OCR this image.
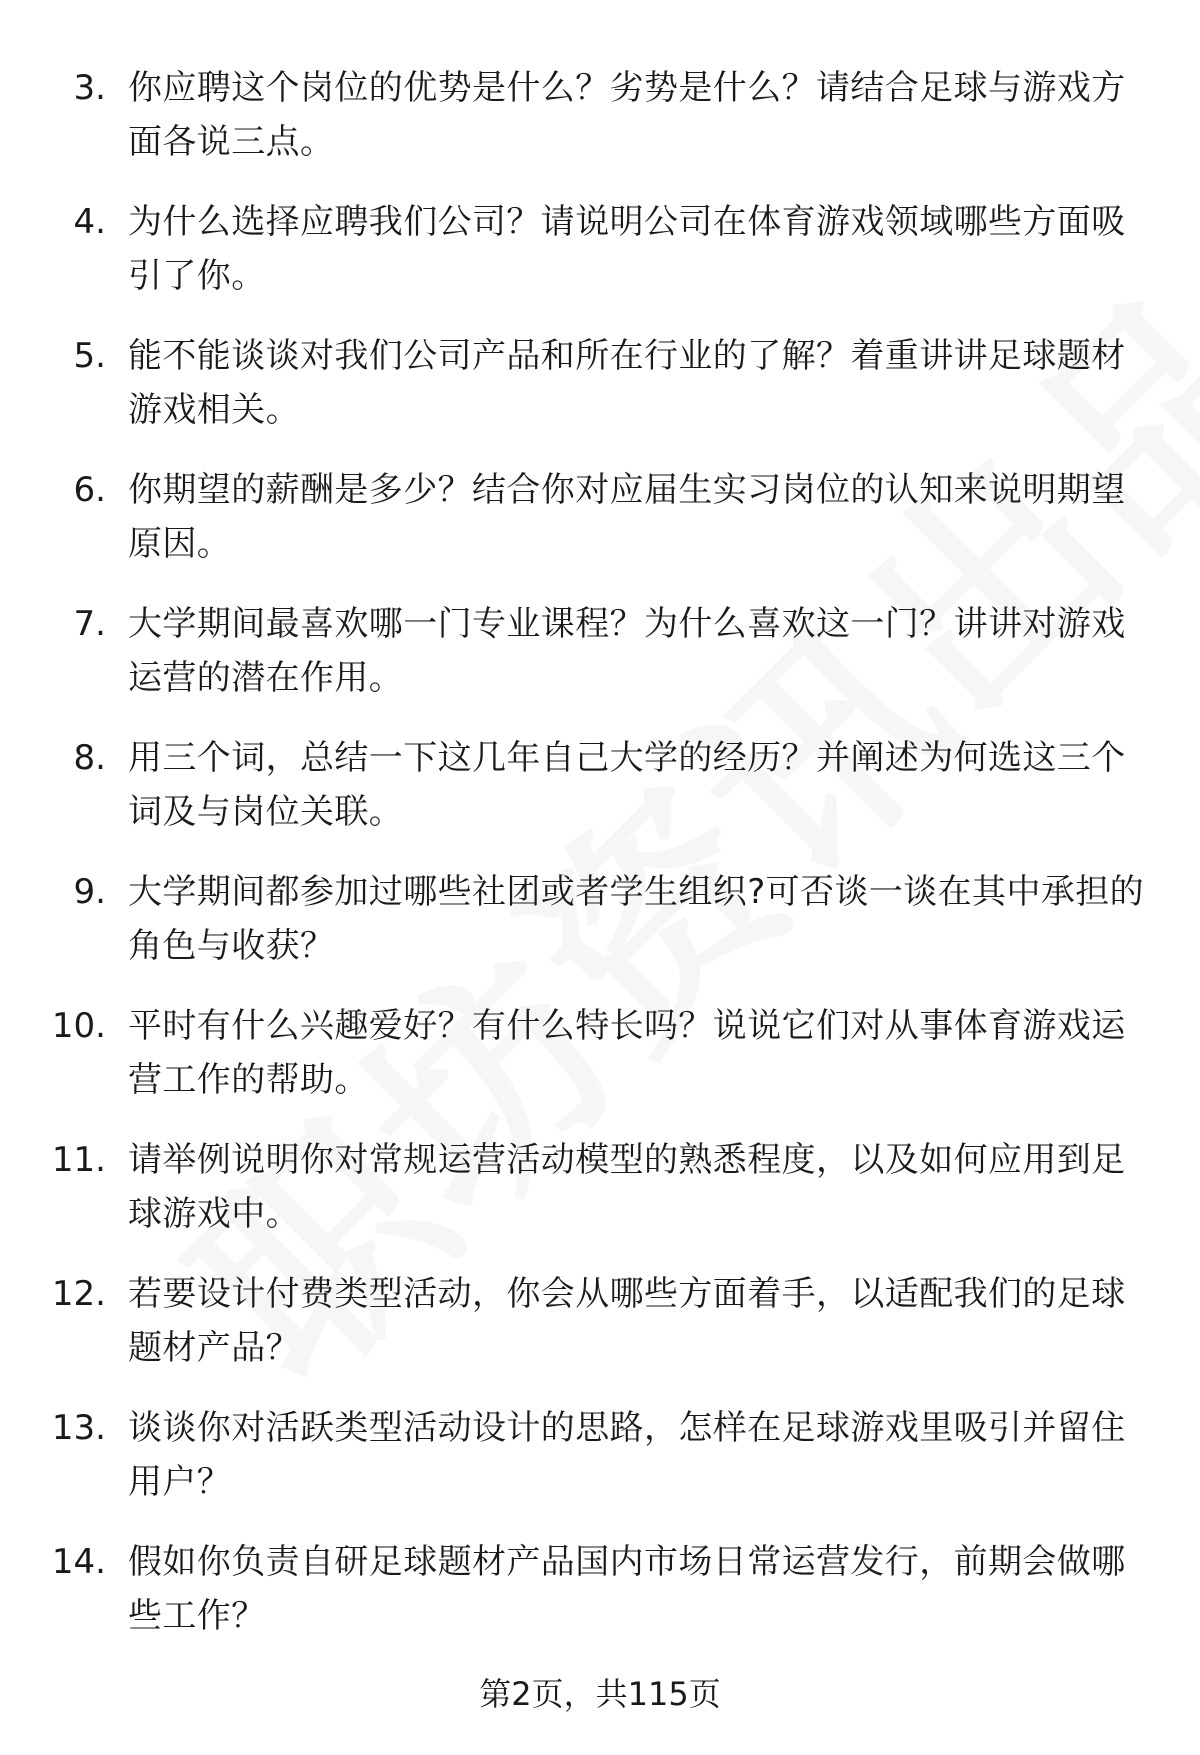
3. 你应聘这个岗位的优势是什么？劣势是什么？请结合足球与游戏方面各说三点。
4. 为什么选择应聘我们公司？请说明公司在体育游戏领域哪些方面吸引了你。
5. 能不能谈谈对我们公司产品和所在行业的了解？着重讲讲足球题材游戏相关。
6. 你期望的薪酬是多少？结合你对应届生实习岗位的认知来说明期望原因。
7. 大学期间最喜欢哪一门专业课程？为什么喜欢这一门？讲讲对游戏运营的潜在作用。
8. 用三个词，总结一下这几年自己大学的经历？并阐述为何选这三个词及与岗位关联。
9. 大学期间都参加过哪些社团或者学生组织?可否谈一谈在其中承担的角色与收获？
10. 平时有什么兴趣爱好？有什么特长吗？说说它们对从事体育游戏运营工作的帮助。
11. 请举例说明你对常规运营活动模型的熟悉程度，以及如何应用到足球游戏中。
12. 若要设计付费类型活动，你会从哪些方面着手，以适配我们的足球题材产品？
13. 谈谈你对活跃类型活动设计的思路，怎样在足球游戏里吸引并留住用户？
14. 假如你负责自研足球题材产品国内市场日常运营发行，前期会做哪些工作？
第2页，共115页
